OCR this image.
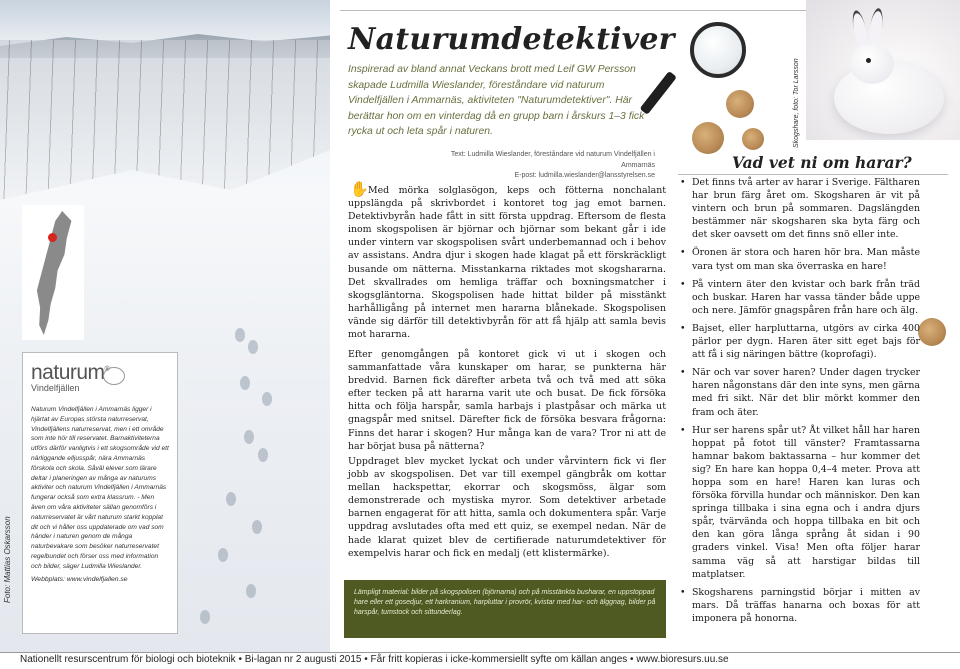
Foto: Mattias Oskarsson
naturum®
Vindelfjällen
Naturum Vindelfjällen i Ammarnäs ligger i hjärtat av Europas största naturreservat, Vindelfjällens naturreservat, men i ett område som inte hör till reservatet. Barnaktiviteterna utförs därför vanligtvis i ett skogsområde vid ett närliggande elljusspår, nära Ammarnäs förskola och skola. Såväl elever som lärare deltar i planeringen av många av naturums aktiviter och naturum Vindelfjällen i Ammarnäs fungerar också som extra klassrum. - Men även om våra aktiviteter sällan genomförs i naturreservatet är vårt naturum starkt kopplat dit och vi håller oss uppdaterade om vad som händer i naturen genom de många naturbevakare som besöker naturreservatet regelbundet och förser oss med information och bilder, säger Ludmilla Wieslander.
Webbplats: www.vindelfjallen.se
Naturumdetektiver

Inspirerad av bland annat Veckans brott med Leif GW Persson skapade Ludmilla Wieslander, föreståndare vid naturum Vindelfjällen i Ammarnäs, aktiviteten "Naturumdetektiver". Här berättar hon om en vinterdag då en grupp barn i årskurs 1–3 fick rycka ut och leta spår i naturen.

Text: Ludmilla Wieslander, föreståndare vid naturum Vindelfjällen i Ammarnäs
E-post: ludmilla.wieslander@lansstyrelsen.se
Skogshare, foto: Tor Larsson
✋ Med mörka solglasögon, keps och fötterna nonchalant uppslängda på skrivbordet i kontoret tog jag emot barnen. Detektivbyrån hade fått in sitt första uppdrag. Eftersom de flesta inom skogspolisen är björnar och björnar som bekant går i ide under vintern var skogspolisen svårt underbemannad och i behov av assistans. Andra djur i skogen hade klagat på ett förskräckligt busande om nätterna. Misstankarna riktades mot skogshararna. Det skvallrades om hemliga träffar och boxningsmatcher i skogsgläntorna. Skogspolisen hade hittat bilder på misstänkt harhålligång på internet men hararna blånekade. Skogspolisen vände sig därför till detektivbyrån för att få hjälp att samla bevis mot hararna.

Efter genomgången på kontoret gick vi ut i skogen och sammanfattade våra kunskaper om harar, se punkterna här bredvid. Barnen fick därefter arbeta två och två med att söka efter tecken på att hararna varit ute och busat. De fick försöka hitta och följa harspår, samla harbajs i plastpåsar och märka ut gnagspår med snitsel. Därefter fick de försöka besvara frågorna: Finns det harar i skogen? Hur många kan de vara? Tror ni att de har börjat busa på nätterna?

Uppdraget blev mycket lyckat och under vårvintern fick vi fler jobb av skogspolisen. Det var till exempel gängbråk om kottar mellan hackspettar, ekorrar och skogsmöss, älgar som demonstrerade och mystiska myror. Som detektiver arbetade barnen engagerat för att hitta, samla och dokumentera spår. Varje uppdrag avslutades ofta med ett quiz, se exempel nedan. När de hade klarat quizet blev de certifierade naturumdetektiver för exempelvis harar och fick en medalj (ett klistermärke).

Lämpligt material: bilder på skogspolisen (björnarna) och på misstänkta busharar, en uppstoppad hare eller ett gosedjur, ett harkranium, harpluttar i provrör, kvistar med har- och älggnag, bilder på harspår, tumstock och sittunderlag.
Vad vet ni om harar?
• Det finns två arter av harar i Sverige. Fältharen har brun färg året om. Skogsharen är vit på vintern och brun på sommaren. Dagslängden bestämmer när skogsharen ska byta färg och det sker oavsett om det finns snö eller inte.
• Öronen är stora och haren hör bra. Man måste vara tyst om man ska överraska en hare!
• På vintern äter den kvistar och bark från träd och buskar. Haren har vassa tänder både uppe och nere. Jämför gnagspåren från hare och älg.
• Bajset, eller harpluttarna, utgörs av cirka 400 pärlor per dygn. Haren äter sitt eget bajs för att få i sig näringen bättre (koprofagi).
• När och var sover haren? Under dagen trycker haren någonstans där den inte syns, men gärna med fri sikt. När det blir mörkt kommer den fram och äter.
• Hur ser harens spår ut? Åt vilket håll har haren hoppat på fotot till vänster? Framtassarna hamnar bakom baktassarna – hur kommer det sig? En hare kan hoppa 0,4–4 meter. Prova att hoppa som en hare! Haren kan luras och försöka förvilla hundar och människor. Den kan springa tillbaka i sina egna och i andra djurs spår, tvärvända och hoppa tillbaka en bit och den kan göra långa språng åt sidan i 90 graders vinkel. Visa! Men ofta följer harar samma väg så att harstigar bildas till matplatser.
• Skogsharens parningstid börjar i mitten av mars. Då träffas hanarna och boxas för att imponera på honorna.
Nationellt resurscentrum för biologi och bioteknik • Bi-lagan nr 2 augusti 2015 • Får fritt kopieras i icke-kommersiellt syfte om källan anges • www.bioresurs.uu.se
